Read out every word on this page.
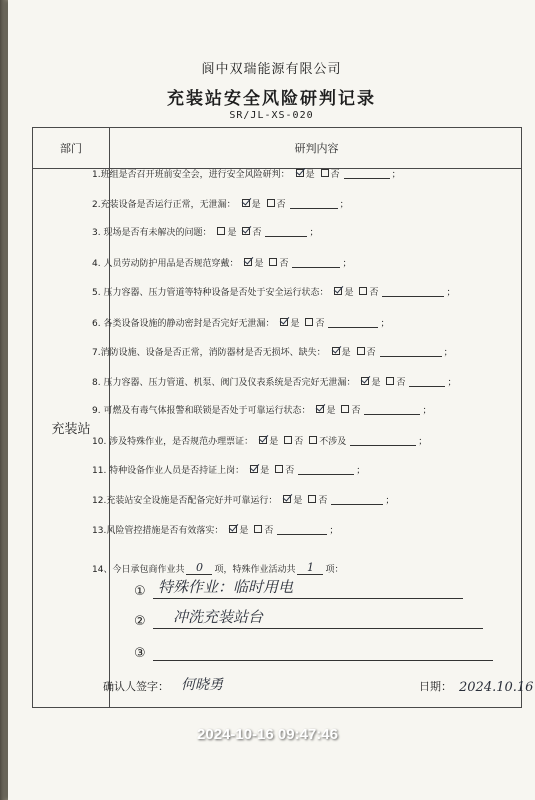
阆中双瑞能源有限公司
充装站安全风险研判记录
SR/JL-XS-020
部门	研判内容
充装站
1.班组是否召开班前安全会，进行安全风险研判： 是 否	；
2.充装设备是否运行正常，无泄漏： 是 否	；
3. 现场是否有未解决的问题： 是 否	；
4. 人员劳动防护用品是否规范穿戴： 是 否	；
5. 压力容器、压力管道等特种设备是否处于安全运行状态： 是 否	；
6. 各类设备设施的静动密封是否完好无泄漏： 是 否	；
7.消防设施、设备是否正常，消防器材是否无损坏、缺失： 是 否	；
8. 压力容器、压力管道、机泵、阀门及仪表系统是否完好无泄漏： 是 否	；
9. 可燃及有毒气体报警和联锁是否处于可靠运行状态： 是 否	；
10. 涉及特殊作业，是否规范办理票证： 是 否 不涉及	；
11. 特种设备作业人员是否持证上岗： 是 否	；
12.充装站安全设施是否配备完好并可靠运行： 是 否	；
13.风险管控措施是否有效落实： 是 否	；
14、今日承包商作业共	0	项，特殊作业活动共	1	项：
① 特殊作业：临时用电
② 冲洗充装站台
③
确认人签字： 何晓勇	日期： 2024.10.16
2024-10-16 09:47:46
